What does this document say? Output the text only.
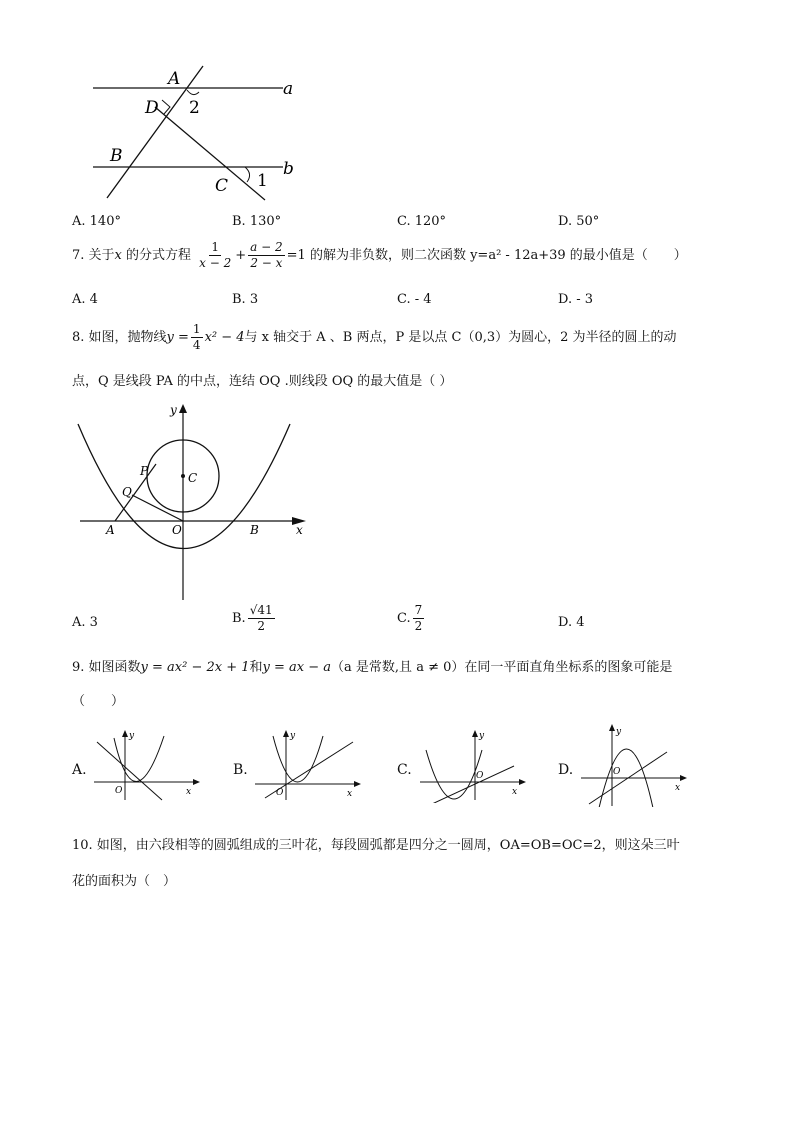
A
D 2
a
B
C 1
b
A. 140°	B. 130°	C. 120°	D. 50°
7. 关于x 的分式方程 $\frac{1}{x - 2} + \frac{a - 2}{2 - x} =1$ 的解为非负数，则二次函数 y=a² - 12a+39 的最小值是（　　）
A. 4	B. 3	C. - 4	D. - 3
8. 如图，抛物线$y = \frac{1}{4} x^2 - 4$与 x 轴交于 A 、B 两点，P 是以点 C（0,3）为圆心，2 为半径的圆上的动
点，Q 是线段 PA 的中点，连结 OQ .则线段 OQ 的最大值是（ ）
y
x
P	C
Q
A	O	B
A. 3	B. $\frac{√41}{2}$	C. $\frac{7}{2}$	D. 4
9. 如图函数y = ax² − 2x + 1和y = ax − a（a 是常数,且 a ≠ 0）在同一平面直角坐标系的图象可能是
（　　）
A.
y
x
O
B.
y
x
O
C.
y
x
O	D.
y
x
O
10. 如图，由六段相等的圆弧组成的三叶花，每段圆弧都是四分之一圆周，OA=OB=OC=2，则这朵三叶
花的面积为（　）
